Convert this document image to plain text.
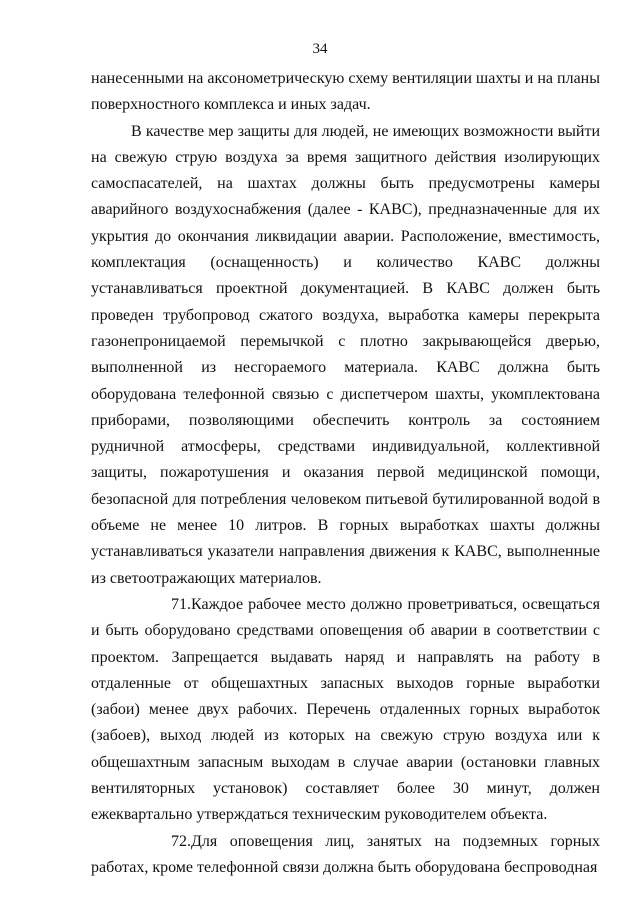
34

нанесенными на аксонометрическую схему вентиляции шахты и на планы поверхностного комплекса и иных задач.

В качестве мер защиты для людей, не имеющих возможности выйти на свежую струю воздуха за время защитного действия изолирующих самоспасателей, на шахтах должны быть предусмотрены камеры аварийного воздухоснабжения (далее - КАВС), предназначенные для их укрытия до окончания ликвидации аварии. Расположение, вместимость, комплектация (оснащенность) и количество КАВС должны устанавливаться проектной документацией. В КАВС должен быть проведен трубопровод сжатого воздуха, выработка камеры перекрыта газонепроницаемой перемычкой с плотно закрывающейся дверью, выполненной из несгораемого материала. КАВС должна быть оборудована телефонной связью с диспетчером шахты, укомплектована приборами, позволяющими обеспечить контроль за состоянием рудничной атмосферы, средствами индивидуальной, коллективной защиты, пожаротушения и оказания первой медицинской помощи, безопасной для потребления человеком питьевой бутилированной водой в объеме не менее 10 литров. В горных выработках шахты должны устанавливаться указатели направления движения к КАВС, выполненные из светоотражающих материалов.

71.Каждое рабочее место должно проветриваться, освещаться и быть оборудовано средствами оповещения об аварии в соответствии с проектом. Запрещается выдавать наряд и направлять на работу в отдаленные от общешахтных запасных выходов горные выработки (забои) менее двух рабочих. Перечень отдаленных горных выработок (забоев), выход людей из которых на свежую струю воздуха или к общешахтным запасным выходам в случае аварии (остановки главных вентиляторных установок) составляет более 30 минут, должен ежеквартально утверждаться техническим руководителем объекта.

72.Для оповещения лиц, занятых на подземных горных работах, кроме телефонной связи должна быть оборудована беспроводная
